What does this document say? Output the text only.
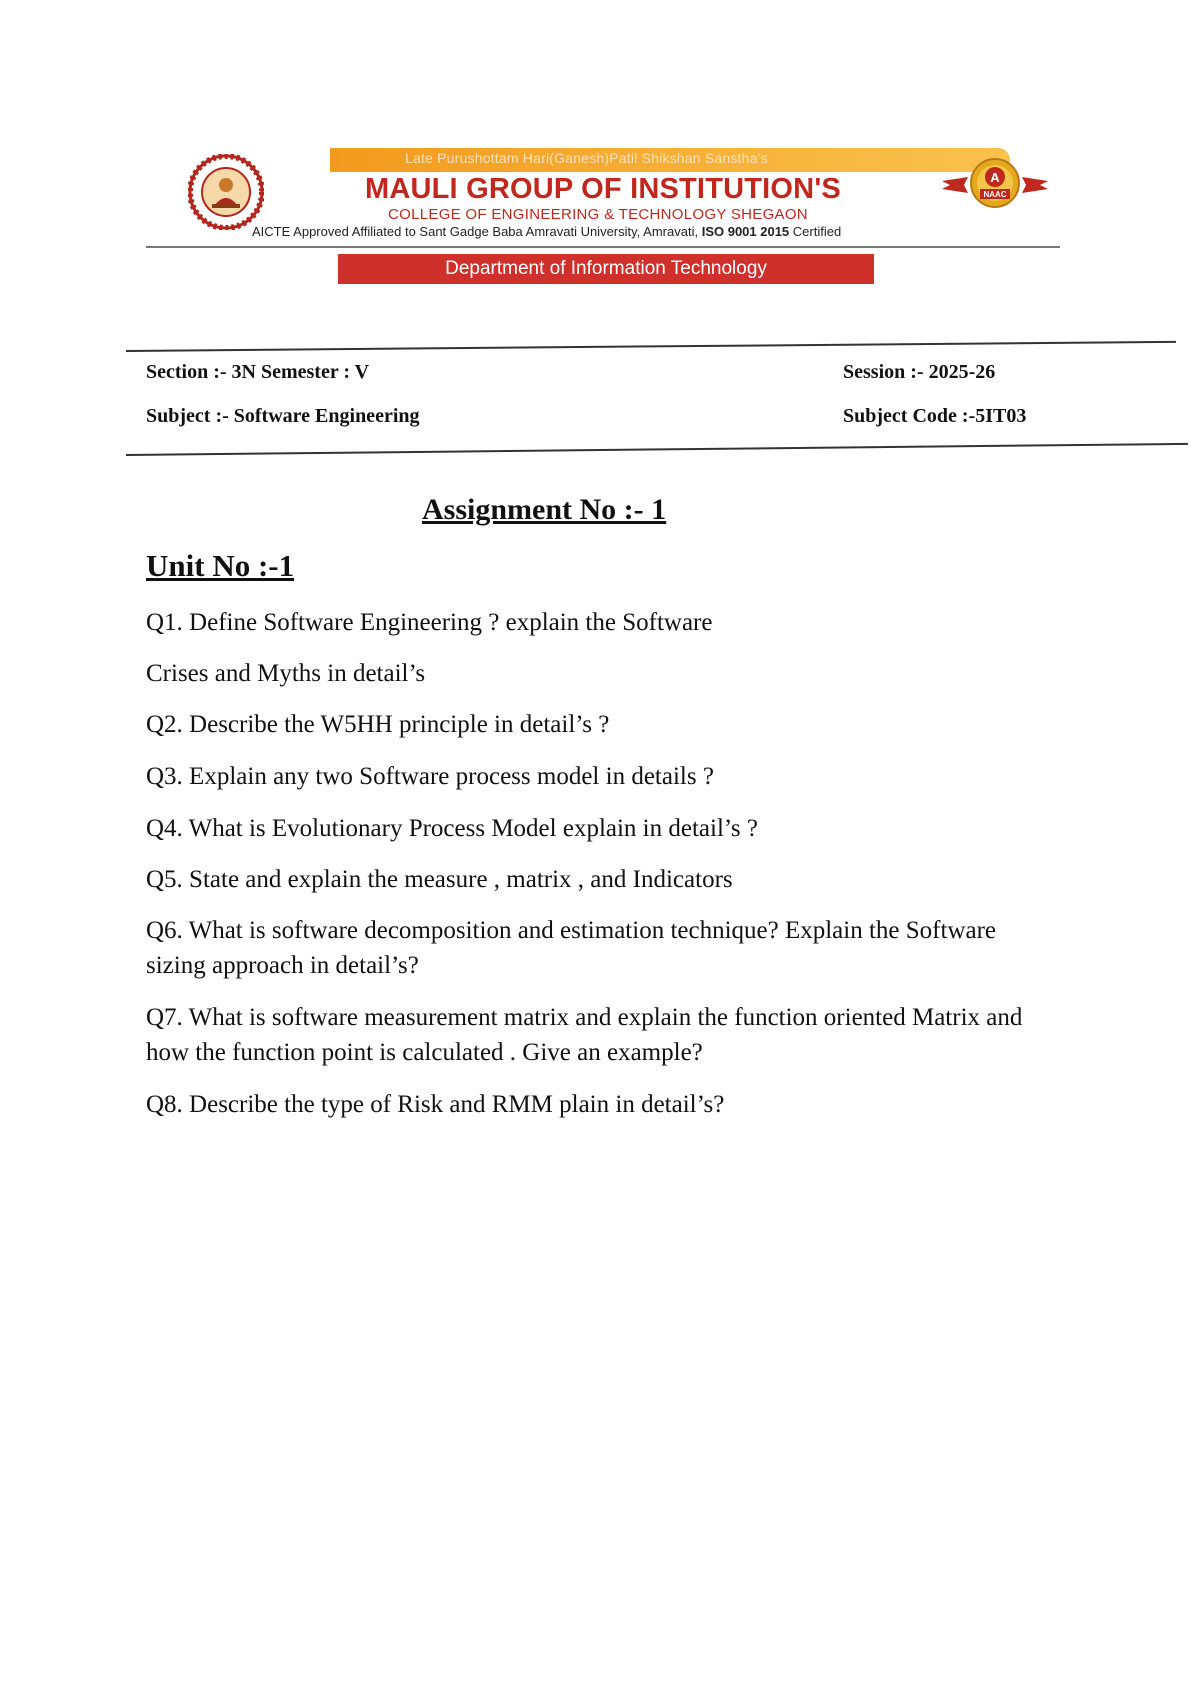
Late Purushottam Hari(Ganesh)Patil Shikshan Sanstha's
MAULI GROUP OF INSTITUTION'S
COLLEGE OF ENGINEERING & TECHNOLOGY SHEGAON
AICTE Approved Affiliated to Sant Gadge Baba Amravati University, Amravati, ISO 9001 2015 Certified
A
NAAC
Department of Information Technology
Section :- 3N Semester : V	Session :- 2025-26
Subject :- Software Engineering	Subject Code :-5IT03
Assignment No :- 1
Unit No :-1
Q1. Define Software Engineering ? explain the Software
Crises and Myths in detail’s
Q2. Describe the W5HH principle in detail’s ?
Q3. Explain any two Software process model in details ?
Q4. What is Evolutionary Process Model explain in detail’s ?
Q5. State and explain the measure , matrix , and Indicators
Q6. What is software decomposition and estimation technique? Explain the Software sizing approach in detail’s?
Q7. What is software measurement matrix and explain the function oriented Matrix and how the function point is calculated . Give an example?
Q8. Describe the type of Risk and RMM plain in detail’s?
